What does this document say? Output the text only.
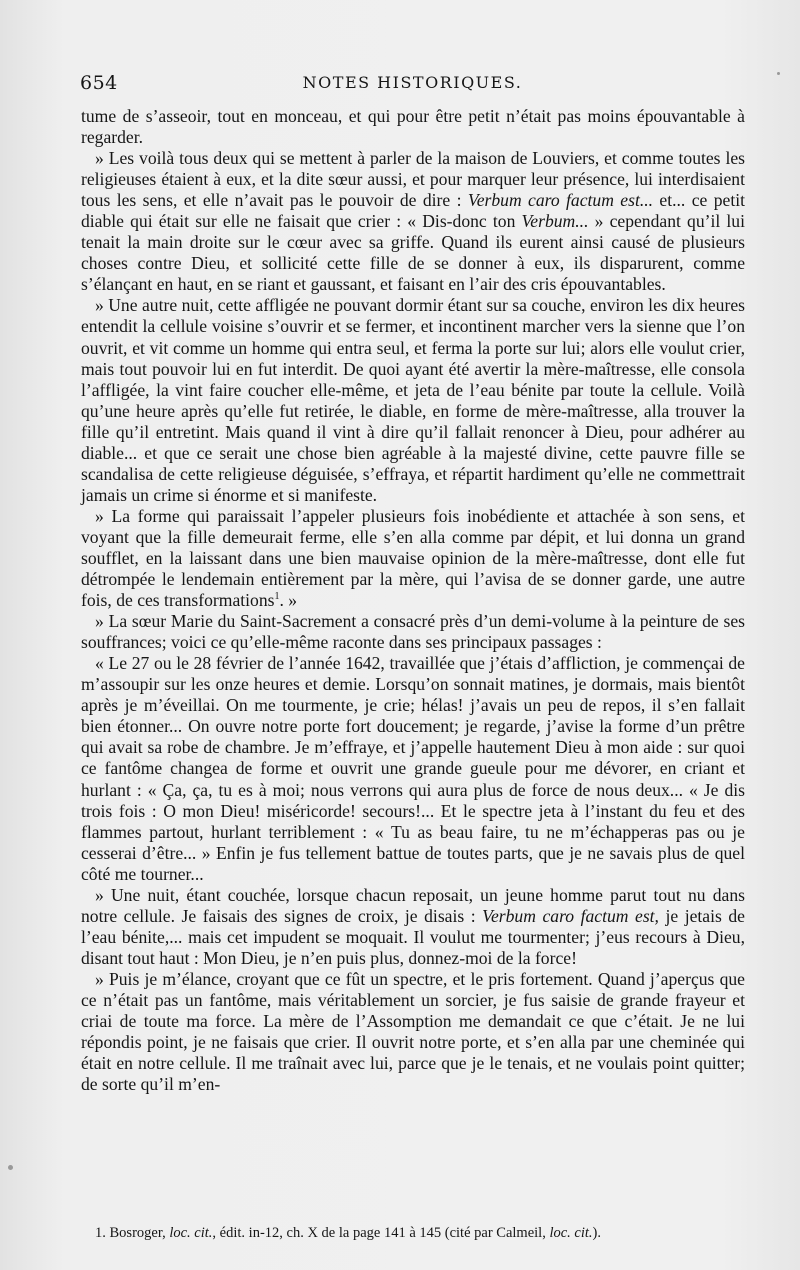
654	NOTES HISTORIQUES.

tume de s’asseoir, tout en monceau, et qui pour être petit n’était pas moins épouvantable à regarder.

» Les voilà tous deux qui se mettent à parler de la maison de Louviers, et comme toutes les religieuses étaient à eux, et la dite sœur aussi, et pour marquer leur présence, lui interdisaient tous les sens, et elle n’avait pas le pouvoir de dire : Verbum caro factum est... et... ce petit diable qui était sur elle ne faisait que crier : « Dis-donc ton Verbum... » cependant qu’il lui tenait la main droite sur le cœur avec sa griffe. Quand ils eurent ainsi causé de plusieurs choses contre Dieu, et sollicité cette fille de se donner à eux, ils disparurent, comme s’élançant en haut, en se riant et gaussant, et faisant en l’air des cris épouvantables.

» Une autre nuit, cette affligée ne pouvant dormir étant sur sa couche, environ les dix heures entendit la cellule voisine s’ouvrir et se fermer, et incontinent marcher vers la sienne que l’on ouvrit, et vit comme un homme qui entra seul, et ferma la porte sur lui; alors elle voulut crier, mais tout pouvoir lui en fut interdit. De quoi ayant été avertir la mère-maîtresse, elle consola l’affligée, la vint faire coucher elle-même, et jeta de l’eau bénite par toute la cellule. Voilà qu’une heure après qu’elle fut retirée, le diable, en forme de mère-maîtresse, alla trouver la fille qu’il entretint. Mais quand il vint à dire qu’il fallait renoncer à Dieu, pour adhérer au diable... et que ce serait une chose bien agréable à la majesté divine, cette pauvre fille se scandalisa de cette religieuse déguisée, s’effraya, et répartit hardiment qu’elle ne commettrait jamais un crime si énorme et si manifeste.

» La forme qui paraissait l’appeler plusieurs fois inobédiente et attachée à son sens, et voyant que la fille demeurait ferme, elle s’en alla comme par dépit, et lui donna un grand soufflet, en la laissant dans une bien mauvaise opinion de la mère-maîtresse, dont elle fut détrompée le lendemain entièrement par la mère, qui l’avisa de se donner garde, une autre fois, de ces transformations$^1$. »

» La sœur Marie du Saint-Sacrement a consacré près d’un demi-volume à la peinture de ses souffrances; voici ce qu’elle-même raconte dans ses principaux passages :

« Le 27 ou le 28 février de l’année 1642, travaillée que j’étais d’affliction, je commençai de m’assoupir sur les onze heures et demie. Lorsqu’on sonnait matines, je dormais, mais bientôt après je m’éveillai. On me tourmente, je crie; hélas! j’avais un peu de repos, il s’en fallait bien étonner... On ouvre notre porte fort doucement; je regarde, j’avise la forme d’un prêtre qui avait sa robe de chambre. Je m’effraye, et j’appelle hautement Dieu à mon aide : sur quoi ce fantôme changea de forme et ouvrit une grande gueule pour me dévorer, en criant et hurlant : « Ça, ça, tu es à moi; nous verrons qui aura plus de force de nous deux... « Je dis trois fois : O mon Dieu! miséricorde! secours!... Et le spectre jeta à l’instant du feu et des flammes partout, hurlant terriblement : « Tu as beau faire, tu ne m’échapperas pas ou je cesserai d’être... » Enfin je fus tellement battue de toutes parts, que je ne savais plus de quel côté me tourner...

» Une nuit, étant couchée, lorsque chacun reposait, un jeune homme parut tout nu dans notre cellule. Je faisais des signes de croix, je disais : Verbum caro factum est, je jetais de l’eau bénite,... mais cet impudent se moquait. Il voulut me tourmenter; j’eus recours à Dieu, disant tout haut : Mon Dieu, je n’en puis plus, donnez-moi de la force!

» Puis je m’élance, croyant que ce fût un spectre, et le pris fortement. Quand j’aperçus que ce n’était pas un fantôme, mais véritablement un sorcier, je fus saisie de grande frayeur et criai de toute ma force. La mère de l’Assomption me demandait ce que c’était. Je ne lui répondis point, je ne faisais que crier. Il ouvrit notre porte, et s’en alla par une cheminée qui était en notre cellule. Il me traînait avec lui, parce que je le tenais, et ne voulais point quitter; de sorte qu’il m’en-

1. Bosroger, loc. cit., édit. in-12, ch. X de la page 141 à 145 (cité par Calmeil, loc. cit.).
